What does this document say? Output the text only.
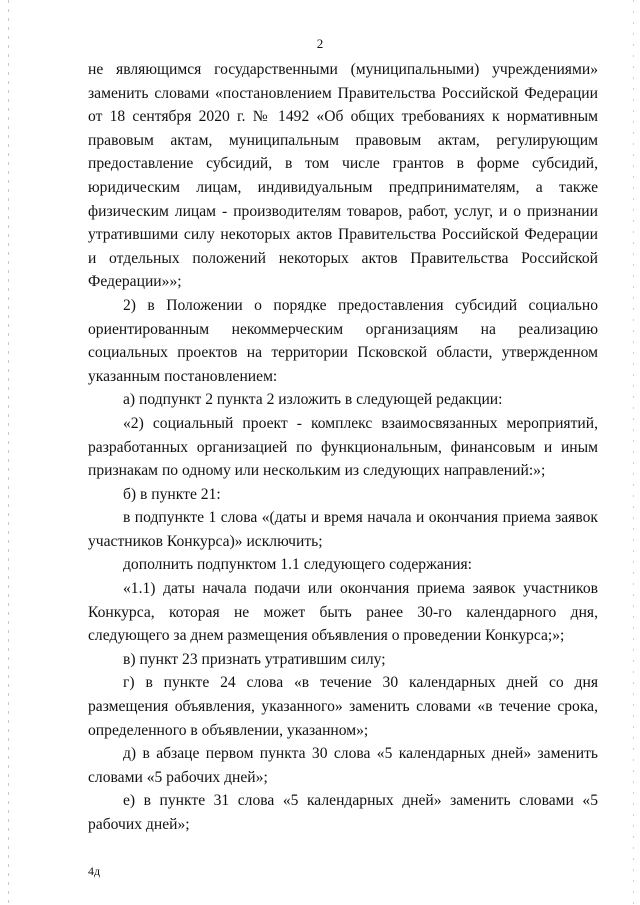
2

не являющимся государственными (муниципальными) учреждениями» заменить словами «постановлением Правительства Российской Федерации от 18 сентября 2020 г. № 1492 «Об общих требованиях к нормативным правовым актам, муниципальным правовым актам, регулирующим предоставление субсидий, в том числе грантов в форме субсидий, юридическим лицам, индивидуальным предпринимателям, а также физическим лицам - производителям товаров, работ, услуг, и о признании утратившими силу некоторых актов Правительства Российской Федерации и отдельных положений некоторых актов Правительства Российской Федерации»»;

2) в Положении о порядке предоставления субсидий социально ориентированным некоммерческим организациям на реализацию социальных проектов на территории Псковской области, утвержденном указанным постановлением:

а) подпункт 2 пункта 2 изложить в следующей редакции:

«2) социальный проект - комплекс взаимосвязанных мероприятий, разработанных организацией по функциональным, финансовым и иным признакам по одному или нескольким из следующих направлений:»;

б) в пункте 21:

в подпункте 1 слова «(даты и время начала и окончания приема заявок участников Конкурса)» исключить;

дополнить подпунктом 1.1 следующего содержания:

«1.1) даты начала подачи или окончания приема заявок участников Конкурса, которая не может быть ранее 30-го календарного дня, следующего за днем размещения объявления о проведении Конкурса;»;

в) пункт 23 признать утратившим силу;

г) в пункте 24 слова «в течение 30 календарных дней со дня размещения объявления, указанного» заменить словами «в течение срока, определенного в объявлении, указанном»;

д) в абзаце первом пункта 30 слова «5 календарных дней» заменить словами «5 рабочих дней»;

е) в пункте 31 слова «5 календарных дней» заменить словами «5 рабочих дней»;

4д
